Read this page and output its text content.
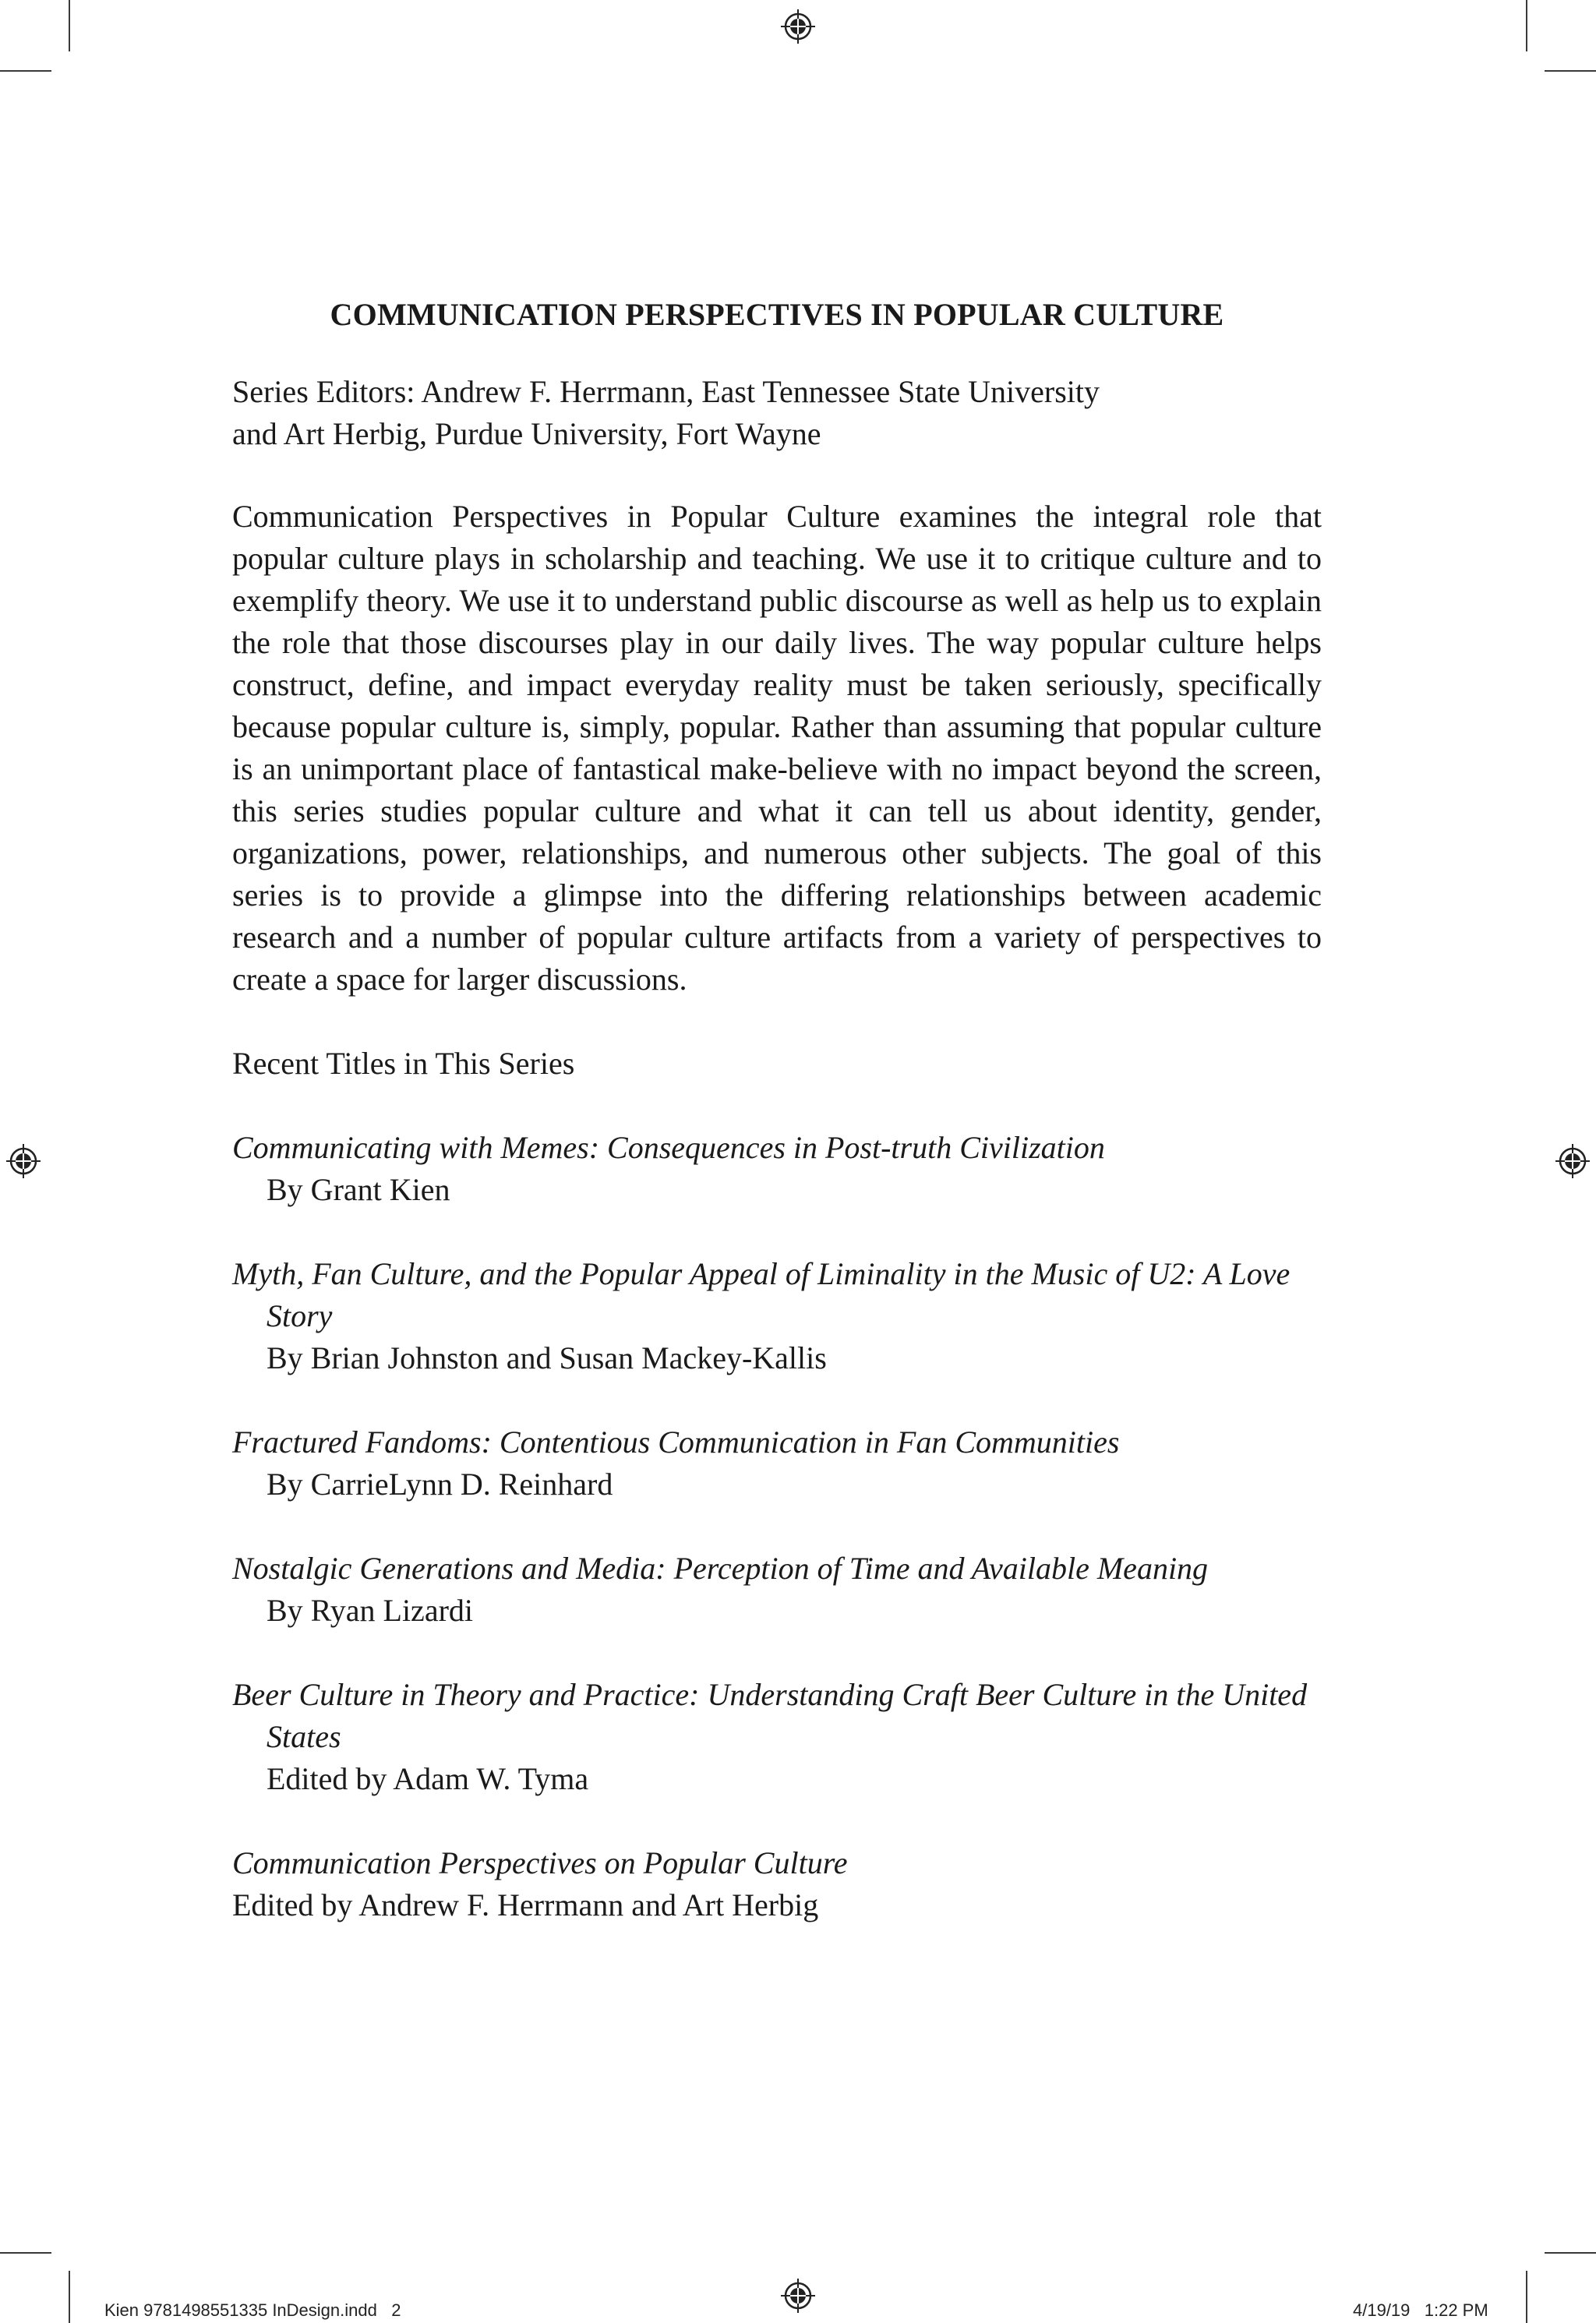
COMMUNICATION PERSPECTIVES IN POPULAR CULTURE
Series Editors: Andrew F. Herrmann, East Tennessee State University
and Art Herbig, Purdue University, Fort Wayne
Communication Perspectives in Popular Culture examines the integral role that popular culture plays in scholarship and teaching. We use it to critique culture and to exemplify theory. We use it to understand public discourse as well as help us to explain the role that those discourses play in our daily lives. The way popular culture helps construct, define, and impact everyday reality must be taken seriously, specifically because popular culture is, simply, popular. Rather than assuming that popular culture is an unimportant place of fantastical make-believe with no impact beyond the screen, this series studies popular culture and what it can tell us about identity, gender, organizations, power, relationships, and numerous other subjects. The goal of this series is to provide a glimpse into the differing relationships between academic research and a number of popular culture artifacts from a variety of perspectives to create a space for larger discussions.
Recent Titles in This Series
Communicating with Memes: Consequences in Post-truth Civilization
By Grant Kien
Myth, Fan Culture, and the Popular Appeal of Liminality in the Music of U2: A Love Story
By Brian Johnston and Susan Mackey-Kallis
Fractured Fandoms: Contentious Communication in Fan Communities
By CarrieLynn D. Reinhard
Nostalgic Generations and Media: Perception of Time and Available Meaning
By Ryan Lizardi
Beer Culture in Theory and Practice: Understanding Craft Beer Culture in the United States
Edited by Adam W. Tyma
Communication Perspectives on Popular Culture
Edited by Andrew F. Herrmann and Art Herbig
Kien 9781498551335 InDesign.indd   2	4/19/19   1:22 PM
